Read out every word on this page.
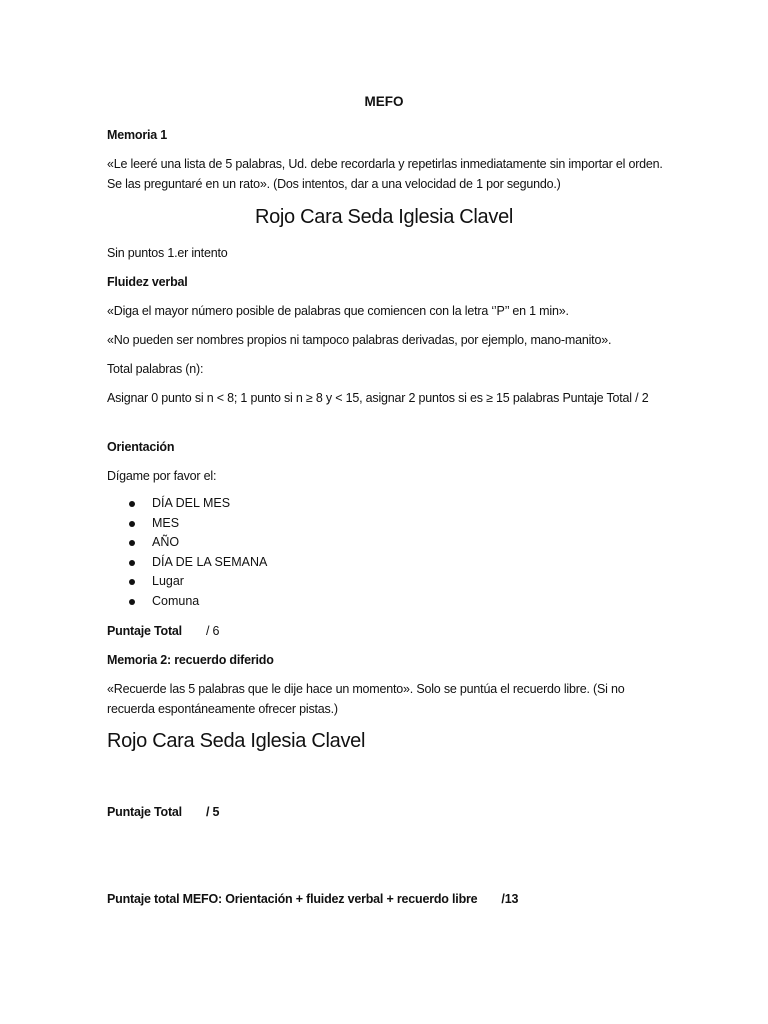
MEFO

Memoria 1

«Le leeré una lista de 5 palabras, Ud. debe recordarla y repetirlas inmediatamente sin importar el orden. Se las preguntaré en un rato». (Dos intentos, dar a una velocidad de 1 por segundo.)

Rojo Cara Seda Iglesia Clavel

Sin puntos 1.er intento

Fluidez verbal

«Diga el mayor número posible de palabras que comiencen con la letra ‘’P’’ en 1 min».

«No pueden ser nombres propios ni tampoco palabras derivadas, por ejemplo, mano-manito».

Total palabras (n):

Asignar 0 punto si n < 8; 1 punto si n ≥ 8 y < 15, asignar 2 puntos si es ≥ 15 palabras Puntaje Total / 2

Orientación

Dígame por favor el:

DÍA DEL MES
MES
AÑO
DÍA DE LA SEMANA
Lugar
Comuna

Puntaje Total / 6

Memoria 2: recuerdo diferido

«Recuerde las 5 palabras que le dije hace un momento». Solo se puntúa el recuerdo libre. (Si no recuerda espontáneamente ofrecer pistas.)

Rojo Cara Seda Iglesia Clavel

Puntaje Total / 5

Puntaje total MEFO: Orientación + fluidez verbal + recuerdo libre /13
